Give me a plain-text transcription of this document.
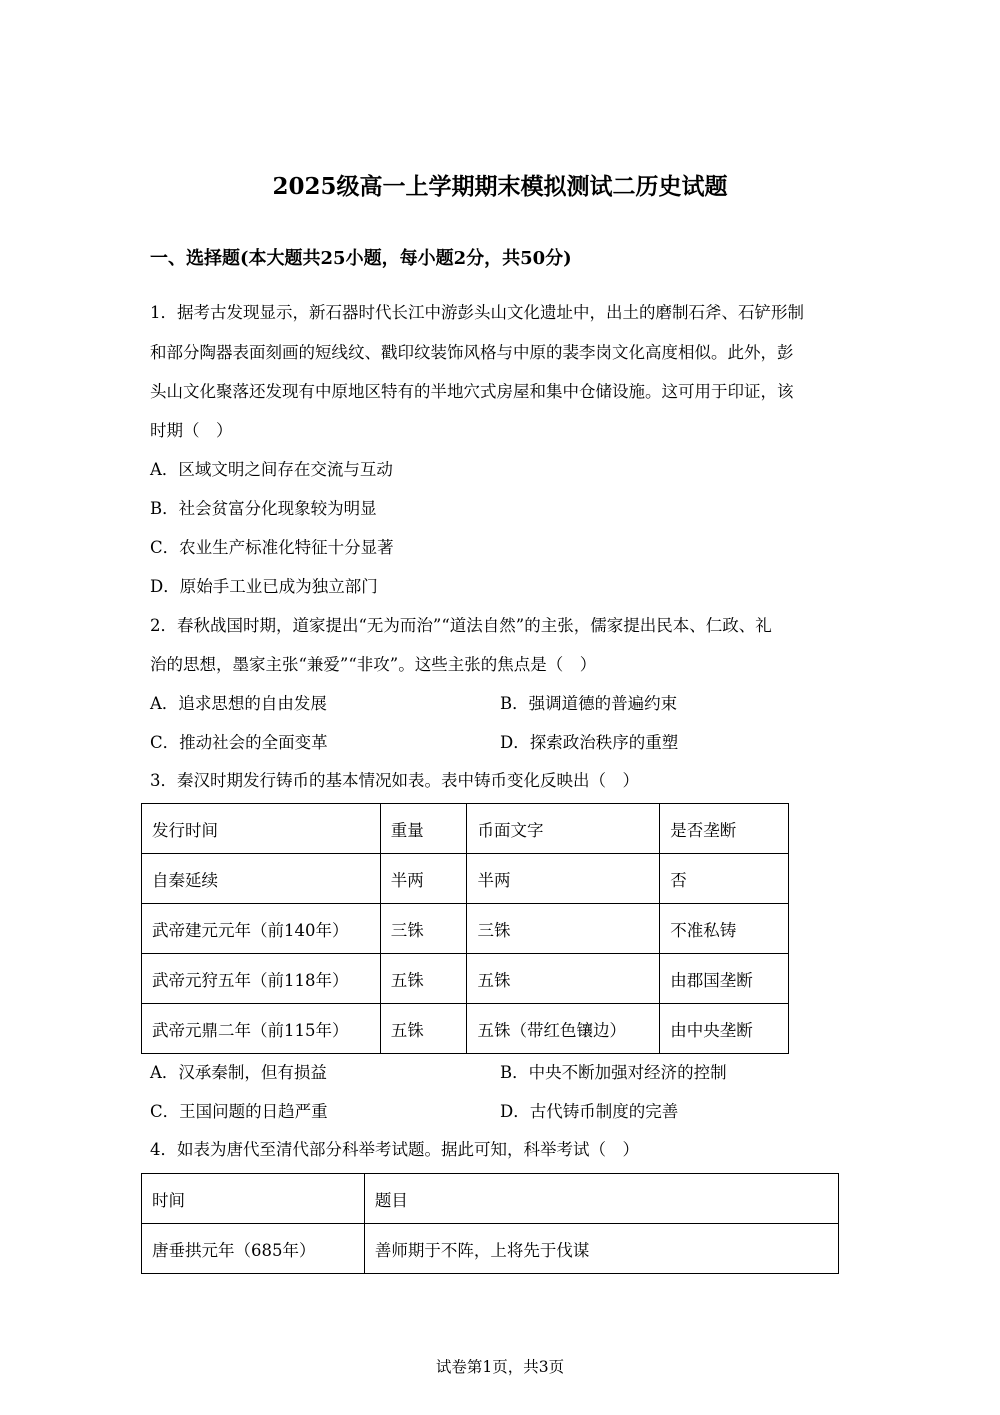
2025级高一上学期期末模拟测试二历史试题
一、选择题(本大题共25小题，每小题2分，共50分)
1．据考古发现显示，新石器时代长江中游彭头山文化遗址中，出土的磨制石斧、石铲形制
和部分陶器表面刻画的短线纹、戳印纹装饰风格与中原的裴李岗文化高度相似。此外，彭
头山文化聚落还发现有中原地区特有的半地穴式房屋和集中仓储设施。这可用于印证，该
时期（　）
A．区域文明之间存在交流与互动
B．社会贫富分化现象较为明显
C．农业生产标准化特征十分显著
D．原始手工业已成为独立部门
2．春秋战国时期，道家提出“无为而治”“道法自然”的主张，儒家提出民本、仁政、礼
治的思想，墨家主张“兼爱”“非攻”。这些主张的焦点是（　）
A．追求思想的自由发展	B．强调道德的普遍约束
C．推动社会的全面变革	D．探索政治秩序的重塑
3．秦汉时期发行铸币的基本情况如表。表中铸币变化反映出（　）
发行时间	重量	币面文字	是否垄断
自秦延续	半两	半两	否
武帝建元元年（前140年）	三铢	三铢	不准私铸
武帝元狩五年（前118年）	五铢	五铢	由郡国垄断
武帝元鼎二年（前115年）	五铢	五铢（带红色镶边）	由中央垄断
A．汉承秦制，但有损益	B．中央不断加强对经济的控制
C．王国问题的日趋严重	D．古代铸币制度的完善
4．如表为唐代至清代部分科举考试题。据此可知，科举考试（　）
时间	题目
唐垂拱元年（685年）	善师期于不阵，上将先于伐谋
试卷第1页，共3页
